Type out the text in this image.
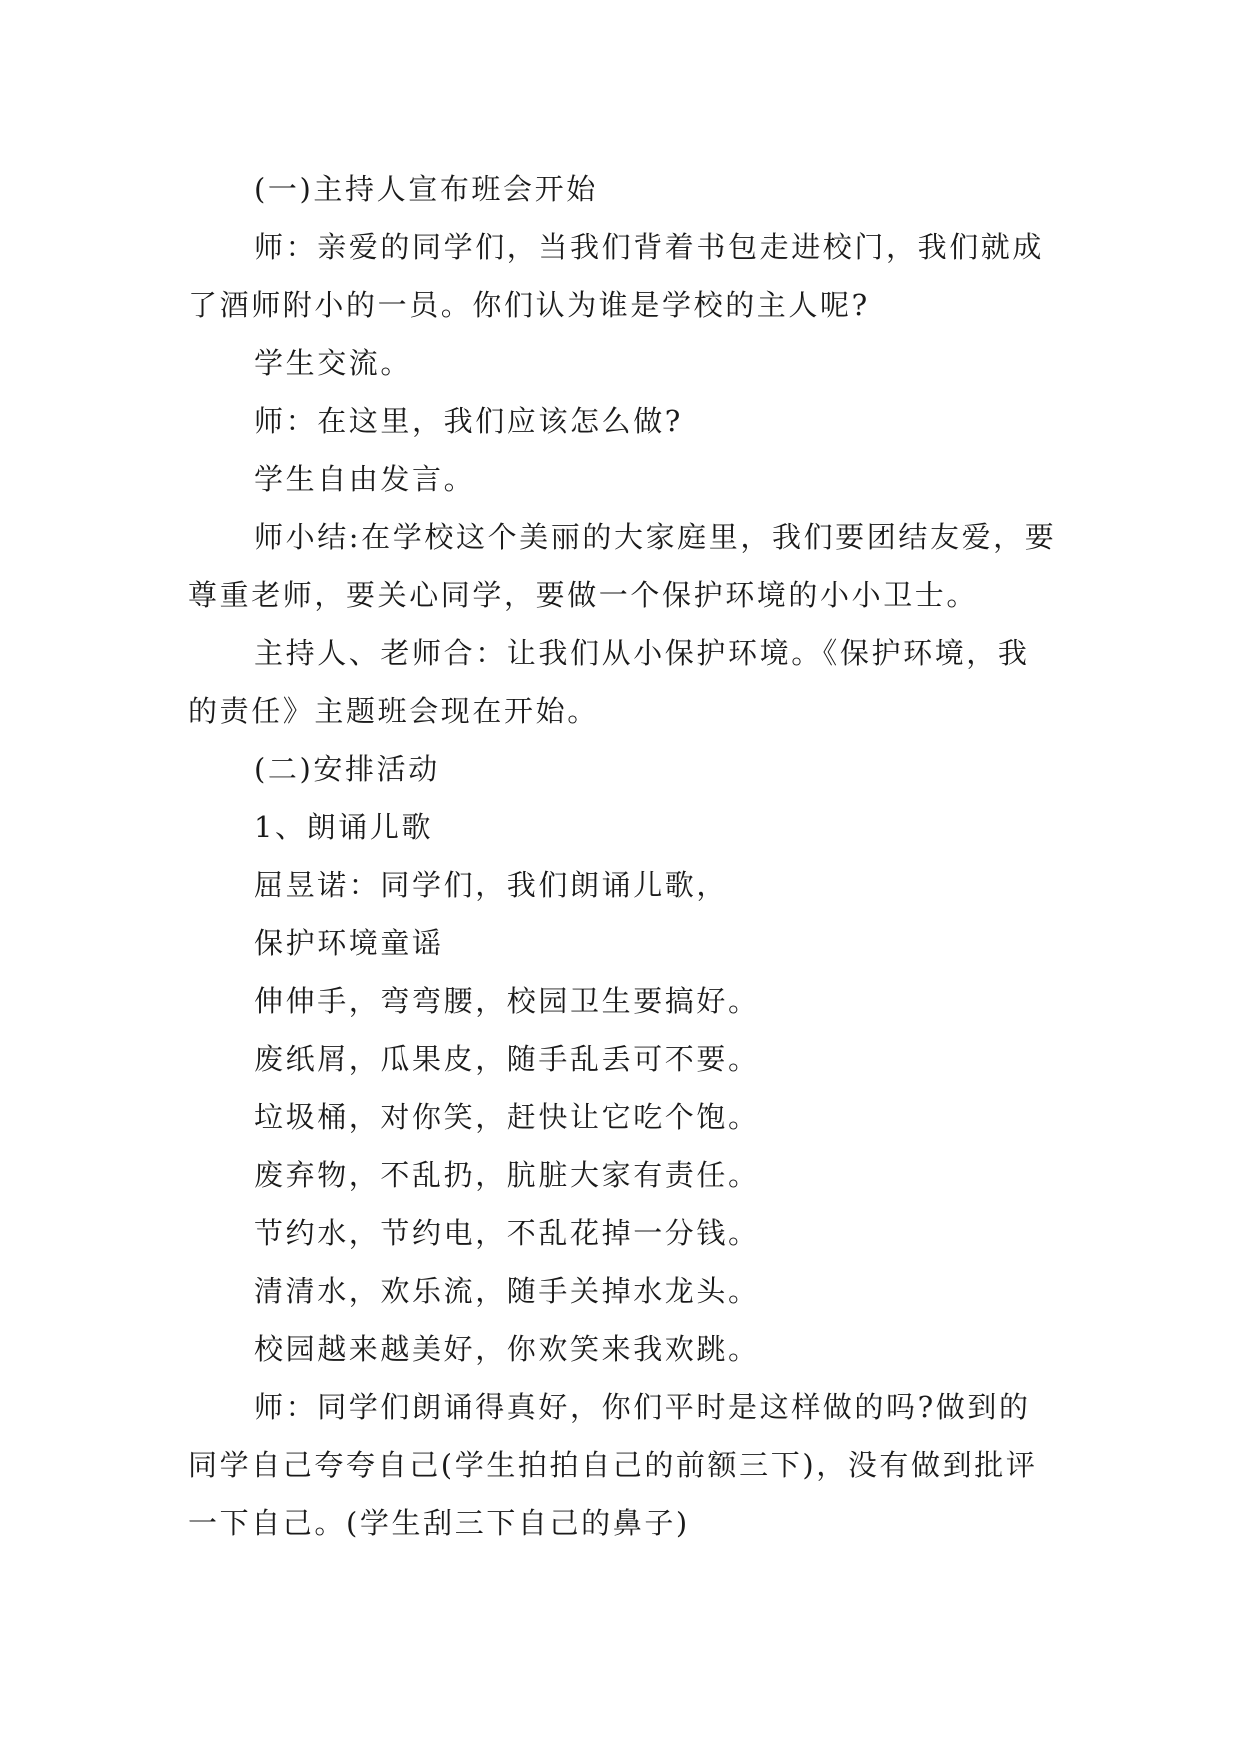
(一)主持人宣布班会开始

师：亲爱的同学们，当我们背着书包走进校门，我们就成了酒师附小的一员。你们认为谁是学校的主人呢?

学生交流。

师：在这里，我们应该怎么做?

学生自由发言。

师小结:在学校这个美丽的大家庭里，我们要团结友爱，要尊重老师，要关心同学，要做一个保护环境的小小卫士。

主持人、老师合：让我们从小保护环境。《保护环境，我的责任》主题班会现在开始。

(二)安排活动

1、朗诵儿歌

屈昱诺：同学们，我们朗诵儿歌，

保护环境童谣

伸伸手，弯弯腰，校园卫生要搞好。

废纸屑，瓜果皮，随手乱丢可不要。

垃圾桶，对你笑，赶快让它吃个饱。

废弃物，不乱扔，肮脏大家有责任。

节约水，节约电，不乱花掉一分钱。

清清水，欢乐流，随手关掉水龙头。

校园越来越美好，你欢笑来我欢跳。

师：同学们朗诵得真好，你们平时是这样做的吗?做到的同学自己夸夸自己(学生拍拍自己的前额三下)，没有做到批评一下自己。(学生刮三下自己的鼻子)
